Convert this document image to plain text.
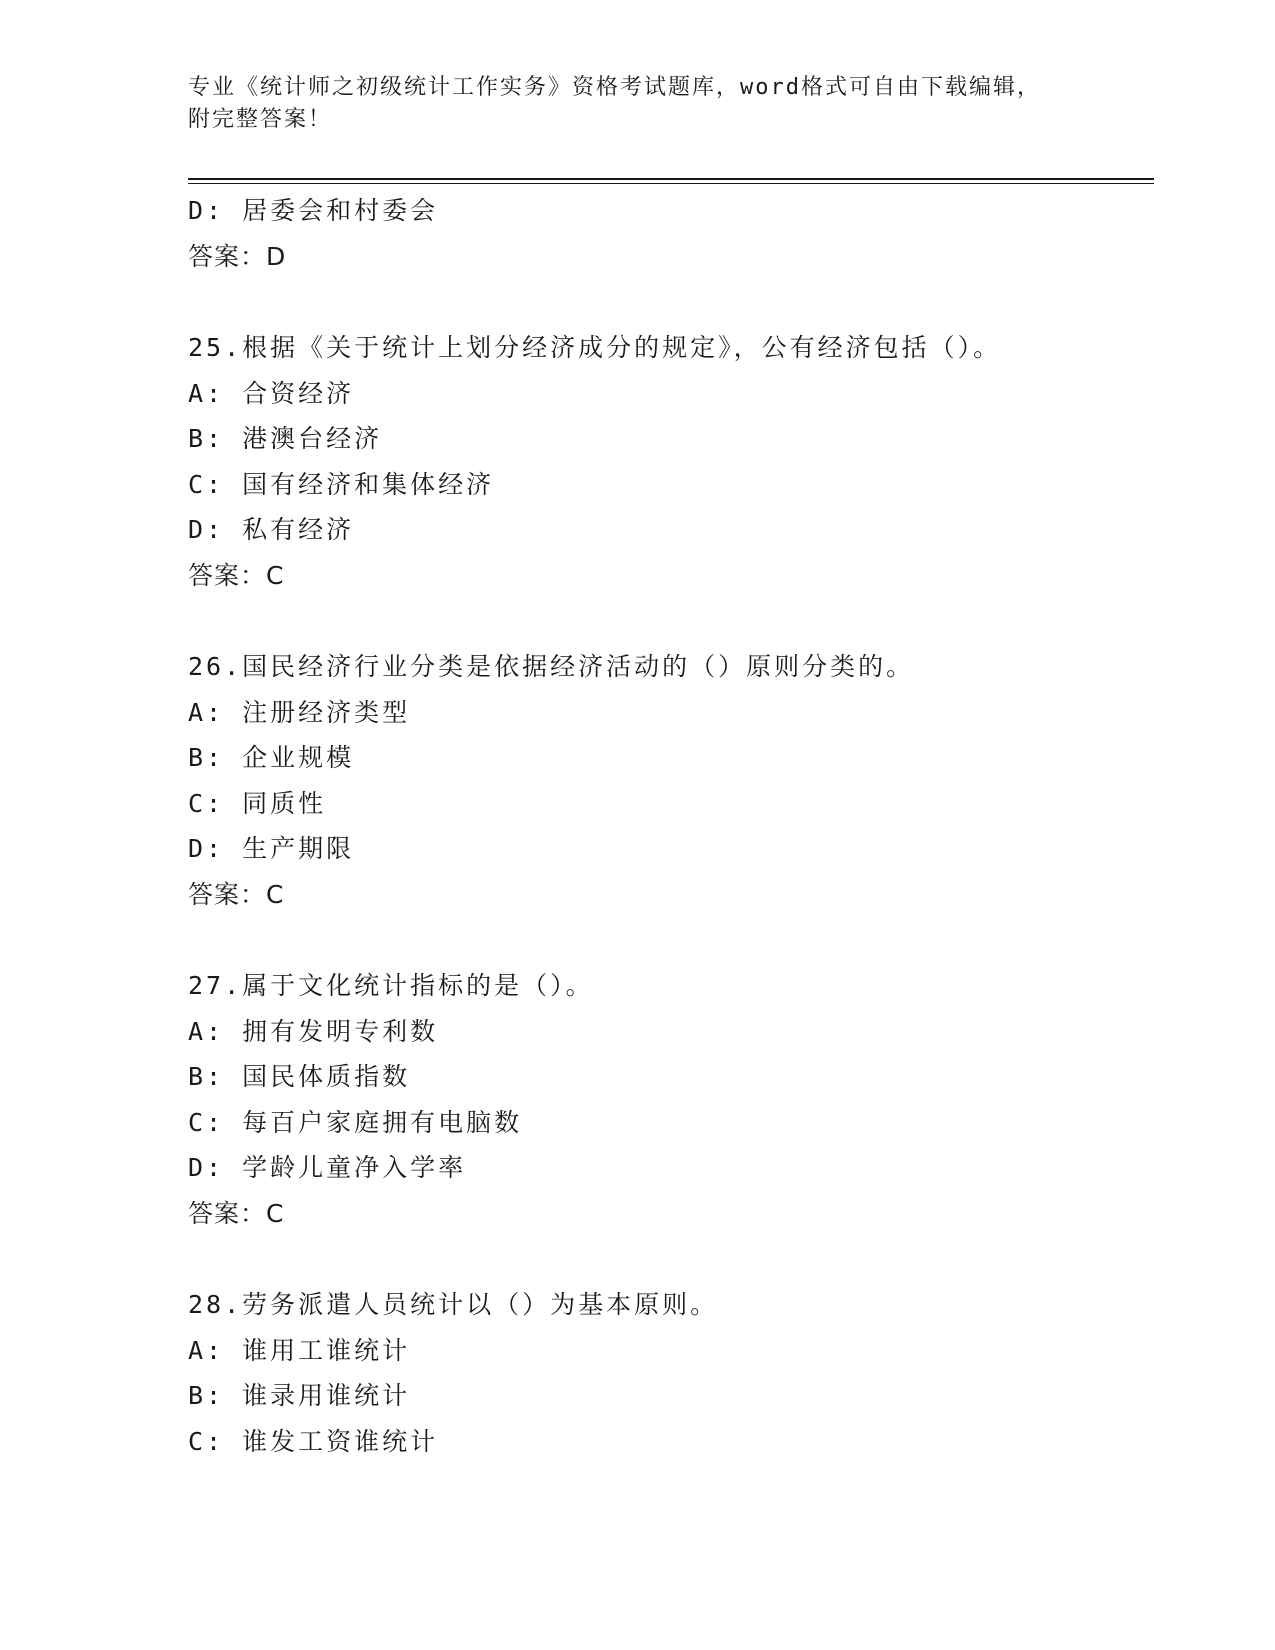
专业《统计师之初级统计工作实务》资格考试题库，word格式可自由下载编辑，
附完整答案！
D: 居委会和村委会
答案：D
25.根据《关于统计上划分经济成分的规定》，公有经济包括（）。
A: 合资经济
B: 港澳台经济
C: 国有经济和集体经济
D: 私有经济
答案：C
26.国民经济行业分类是依据经济活动的（）原则分类的。
A: 注册经济类型
B: 企业规模
C: 同质性
D: 生产期限
答案：C
27.属于文化统计指标的是（）。
A: 拥有发明专利数
B: 国民体质指数
C: 每百户家庭拥有电脑数
D: 学龄儿童净入学率
答案：C
28.劳务派遣人员统计以（）为基本原则。
A: 谁用工谁统计
B: 谁录用谁统计
C: 谁发工资谁统计
